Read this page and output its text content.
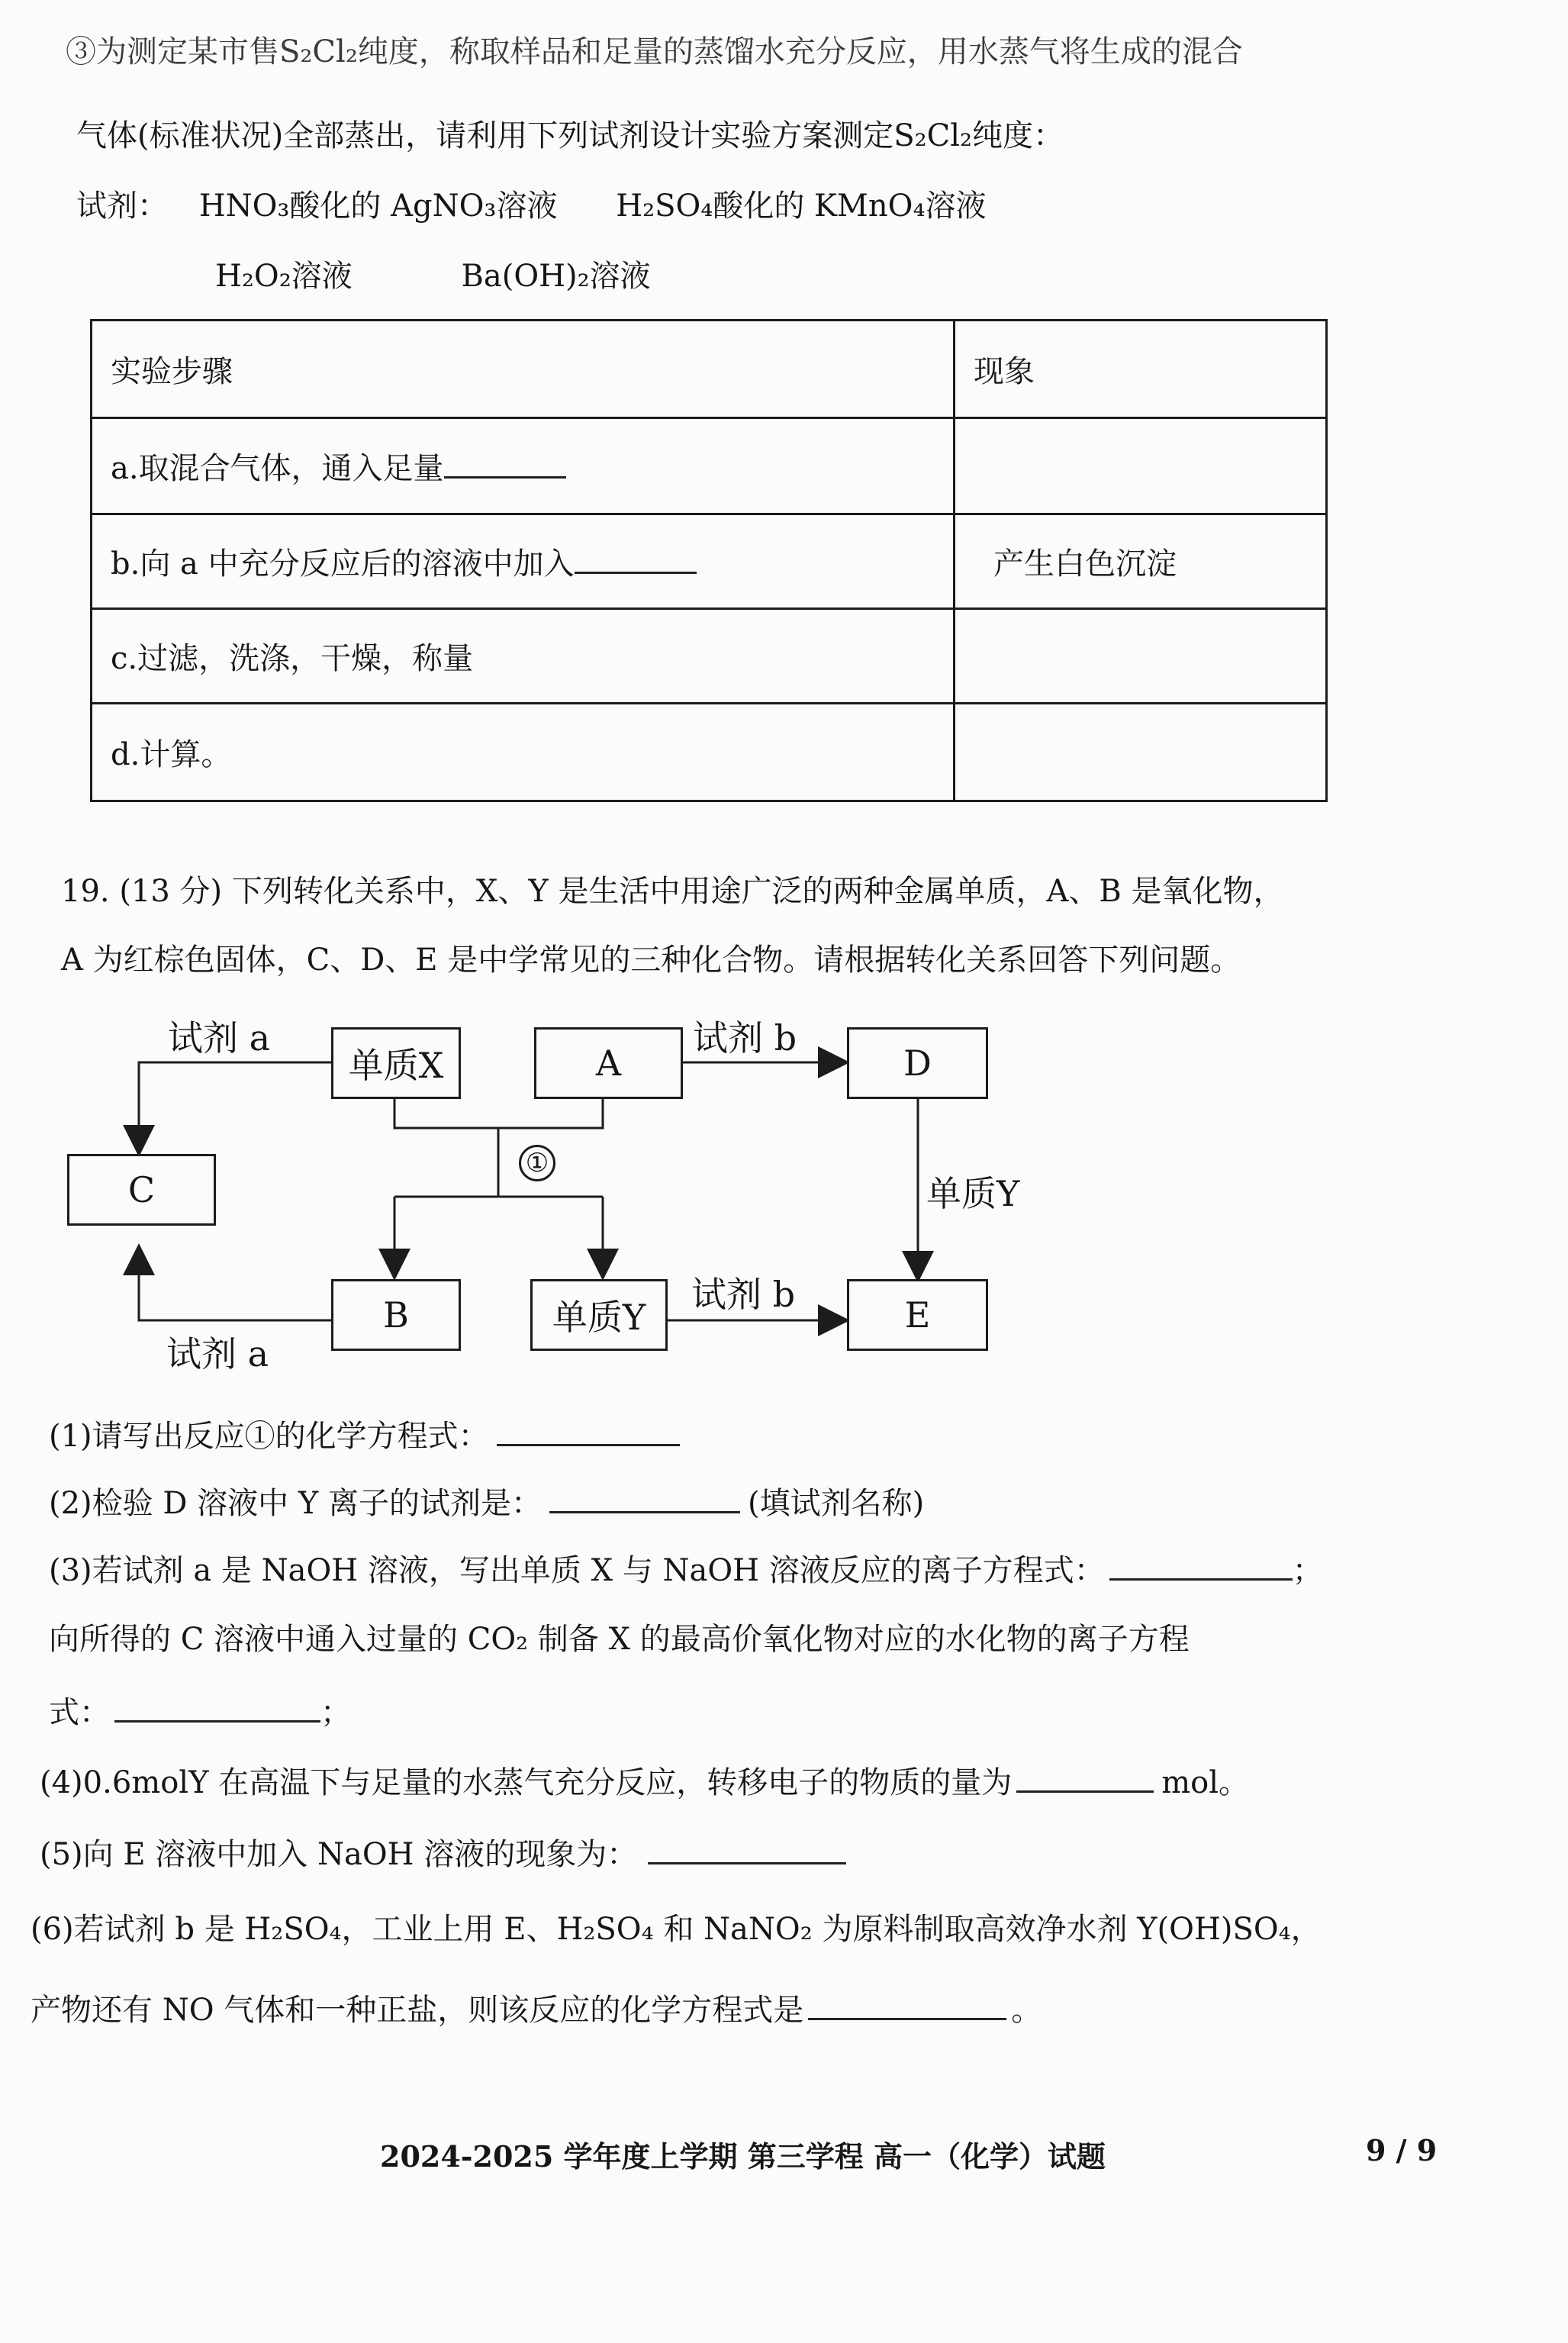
③为测定某市售S₂Cl₂纯度，称取样品和足量的蒸馏水充分反应，用水蒸气将生成的混合
气体(标准状况)全部蒸出，请利用下列试剂设计实验方案测定S₂Cl₂纯度：
试剂： HNO₃酸化的 AgNO₃溶液 H₂SO₄酸化的 KMnO₄溶液
H₂O₂溶液	Ba(OH)₂溶液
实验步骤	现象
a.取混合气体，通入足量	
b.向 a 中充分反应后的溶液中加入	产生白色沉淀
c.过滤，洗涤，干燥，称量	
d.计算。	
19. (13 分) 下列转化关系中，X、Y 是生活中用途广泛的两种金属单质，A、B 是氧化物，
A 为红棕色固体，C、D、E 是中学常见的三种化合物。请根据转化关系回答下列问题。
单质X	A	D
C
B	单质Y	E
试剂 a
试剂 a
试剂 b
试剂 b
单质Y
①
(1)请写出反应①的化学方程式：
(2)检验 D 溶液中 Y 离子的试剂是：	(填试剂名称)
(3)若试剂 a 是 NaOH 溶液，写出单质 X 与 NaOH 溶液反应的离子方程式：	；
向所得的 C 溶液中通入过量的 CO₂ 制备 X 的最高价氧化物对应的水化物的离子方程
式：	；
(4)0.6molY 在高温下与足量的水蒸气充分反应，转移电子的物质的量为	mol。
(5)向 E 溶液中加入 NaOH 溶液的现象为：
(6)若试剂 b 是 H₂SO₄，工业上用 E、H₂SO₄ 和 NaNO₂ 为原料制取高效净水剂 Y(OH)SO₄，
产物还有 NO 气体和一种正盐，则该反应的化学方程式是	。
2024-2025 学年度上学期 第三学程 高一（化学）试题	9 / 9
